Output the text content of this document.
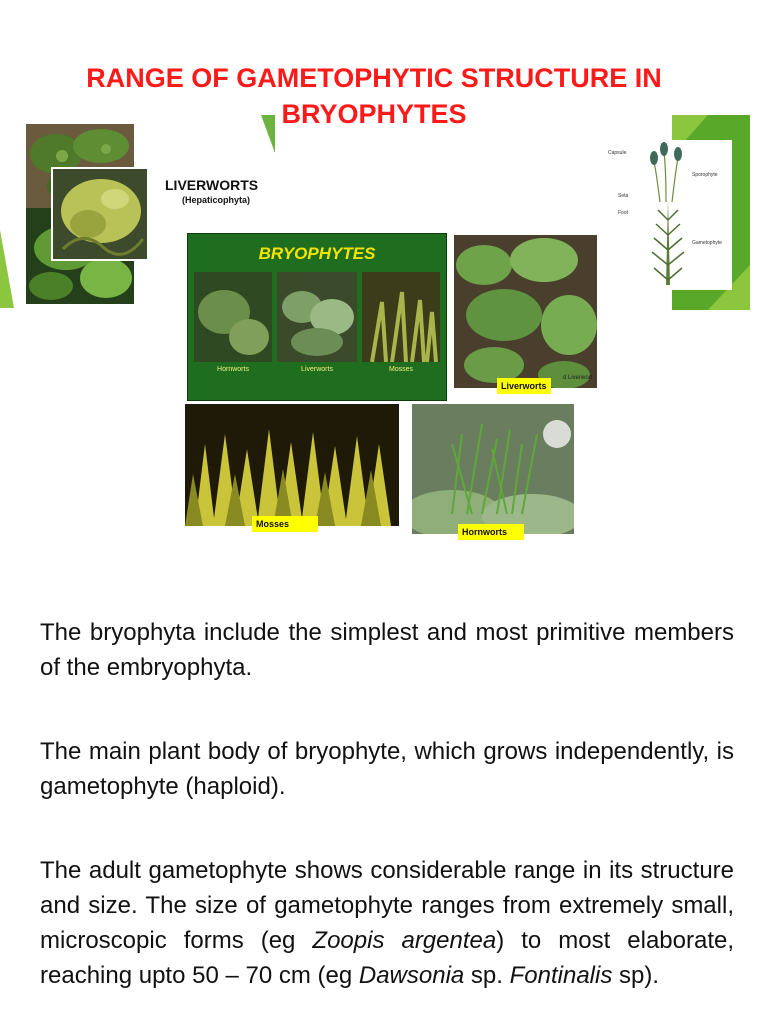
RANGE OF GAMETOPHYTIC STRUCTURE IN BRYOPHYTES
LIVERWORTS
(Hepaticophyta)
BRYOPHYTES
Hornworts	Liverworts	Mosses
Liverworts
d Liverwort
Capsule
Sporophyte
Seta
Foot
Gametophyte
Mosses
Hornworts

The bryophyta include the simplest and most primitive members of the embryophyta.

The main plant body of bryophyte, which grows independently, is gametophyte (haploid).

The adult gametophyte shows considerable range in its structure and size. The size of gametophyte ranges from extremely small, microscopic forms (eg Zoopis argentea) to most elaborate, reaching upto 50 – 70 cm (eg Dawsonia sp. Fontinalis sp).
